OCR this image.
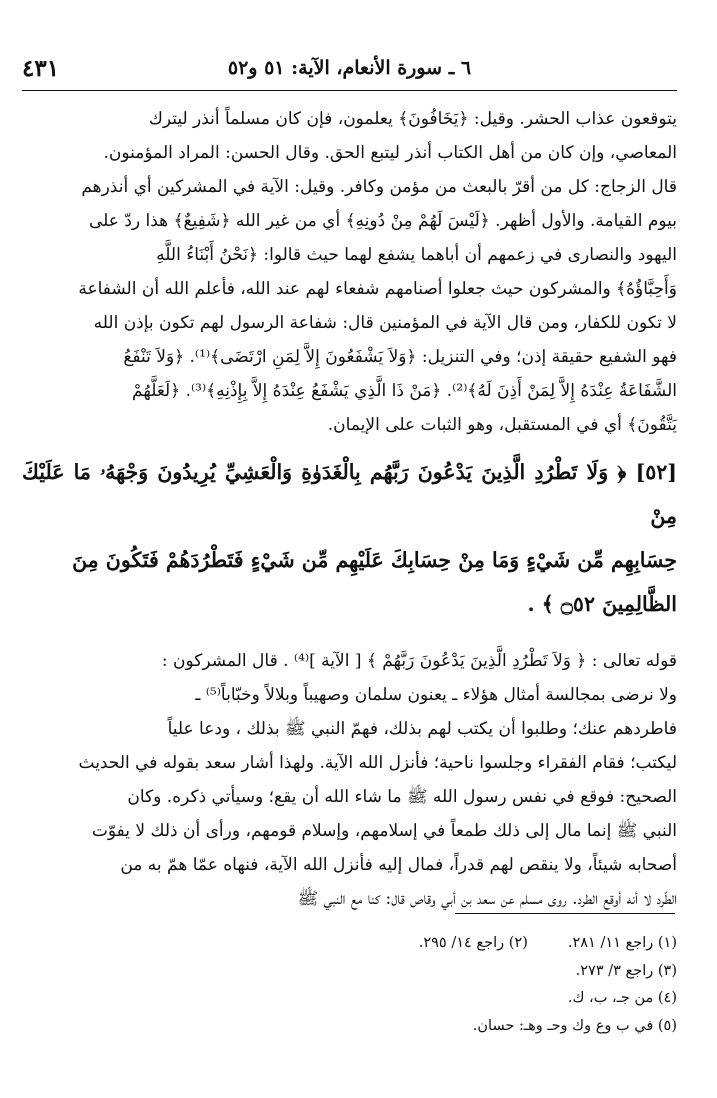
٦ ـ سورة الأنعام، الآية: ٥١ و٥٢
٤٣١

يتوقعون عذاب الحشر. وقيل: ﴿يَخَافُونَ﴾ يعلمون، فإن كان مسلماً أنذر ليترك

المعاصي، وإن كان من أهل الكتاب أنذر ليتبع الحق. وقال الحسن: المراد المؤمنون.

قال الزجاج: كل من أقرّ بالبعث من مؤمن وكافر. وقيل: الآية في المشركين أي أنذرهم

بيوم القيامة. والأول أظهر. ﴿لَيْسَ لَهُمْ مِنْ دُونِهِ﴾ أي من غير الله ﴿شَفِيعٌ﴾ هذا ردّ على

اليهود والنصارى في زعمهم أن أباهما يشفع لهما حيث قالوا: ﴿نَحْنُ أَبْنَاءُ اللَّهِ

وَأَحِبَّاؤُهُ﴾ والمشركون حيث جعلوا أصنامهم شفعاء لهم عند الله، فأعلم الله أن الشفاعة

لا تكون للكفار، ومن قال الآية في المؤمنين قال: شفاعة الرسول لهم تكون بإذن الله

فهو الشفيع حقيقة إذن؛ وفي التنزيل: ﴿وَلاَ يَشْفَعُونَ إِلاَّ لِمَنِ ارْتَضَى﴾⁽¹⁾. ﴿وَلاَ تَنْفَعُ

الشَّفَاعَةُ عِنْدَهُ إِلاَّ لِمَنْ أَذِنَ لَهُ﴾⁽²⁾. ﴿مَنْ ذَا الَّذِي يَشْفَعُ عِنْدَهُ إِلاَّ بِإِذْنِهِ﴾⁽³⁾. ﴿لَعَلَّهُمْ

يَتَّقُونَ﴾ أي في المستقبل، وهو الثبات على الإيمان.

[٥٢] ﴿ وَلَا تَطْرُدِ الَّذِينَ يَدْعُونَ رَبَّهُم بِالْغَدَوٰةِ وَالْعَشِيِّ يُرِيدُونَ وَجْهَهُۥ مَا عَلَيْكَ مِنْ

حِسَابِهِم مِّن شَيْءٍ وَمَا مِنْ حِسَابِكَ عَلَيْهِم مِّن شَيْءٍ فَتَطْرُدَهُمْ فَتَكُونَ مِنَ

الظَّالِمِينَ ۝٥٢ ﴾ .

قوله تعالى : ﴿ وَلاَ تَطْرُدِ الَّذِينَ يَدْعُونَ رَبَّهُمْ ﴾ [ الآية ]⁽⁴⁾ . قال المشركون :

ولا نرضى بمجالسة أمثال هؤلاء ـ يعنون سلمان وصهيباً وبلالاً وخبّاباً⁽⁵⁾ ـ

فاطردهم عنك؛ وطلبوا أن يكتب لهم بذلك، فهمّ النبي ﷺ بذلك ، ودعا علياً

ليكتب؛ فقام الفقراء وجلسوا ناحية؛ فأنزل الله الآية. ولهذا أشار سعد بقوله في الحديث

الصحيح: فوقع في نفس رسول الله ﷺ ما شاء الله أن يقع؛ وسيأتي ذكره. وكان

النبي ﷺ إنما مال إلى ذلك طمعاً في إسلامهم، وإسلام قومهم، ورأى أن ذلك لا يفوّت

أصحابه شيئاً، ولا ينقص لهم قدراً، فمال إليه فأنزل الله الآية، فنهاه عمّا همّ به من

الطّرد لا أنه أوقع الطرد. روى مسلم عن سعد بن أبي وقاص قال: كنا مع النبي ﷺ

(١) راجع ١١/ ٢٨١.
(٢) راجع ١٤/ ٢٩٥.
(٣) راجع ٣/ ٢٧٣.
(٤) من جـ، ب، ك.
(٥) في ب وع وك وحـ وهـ: حسان.
